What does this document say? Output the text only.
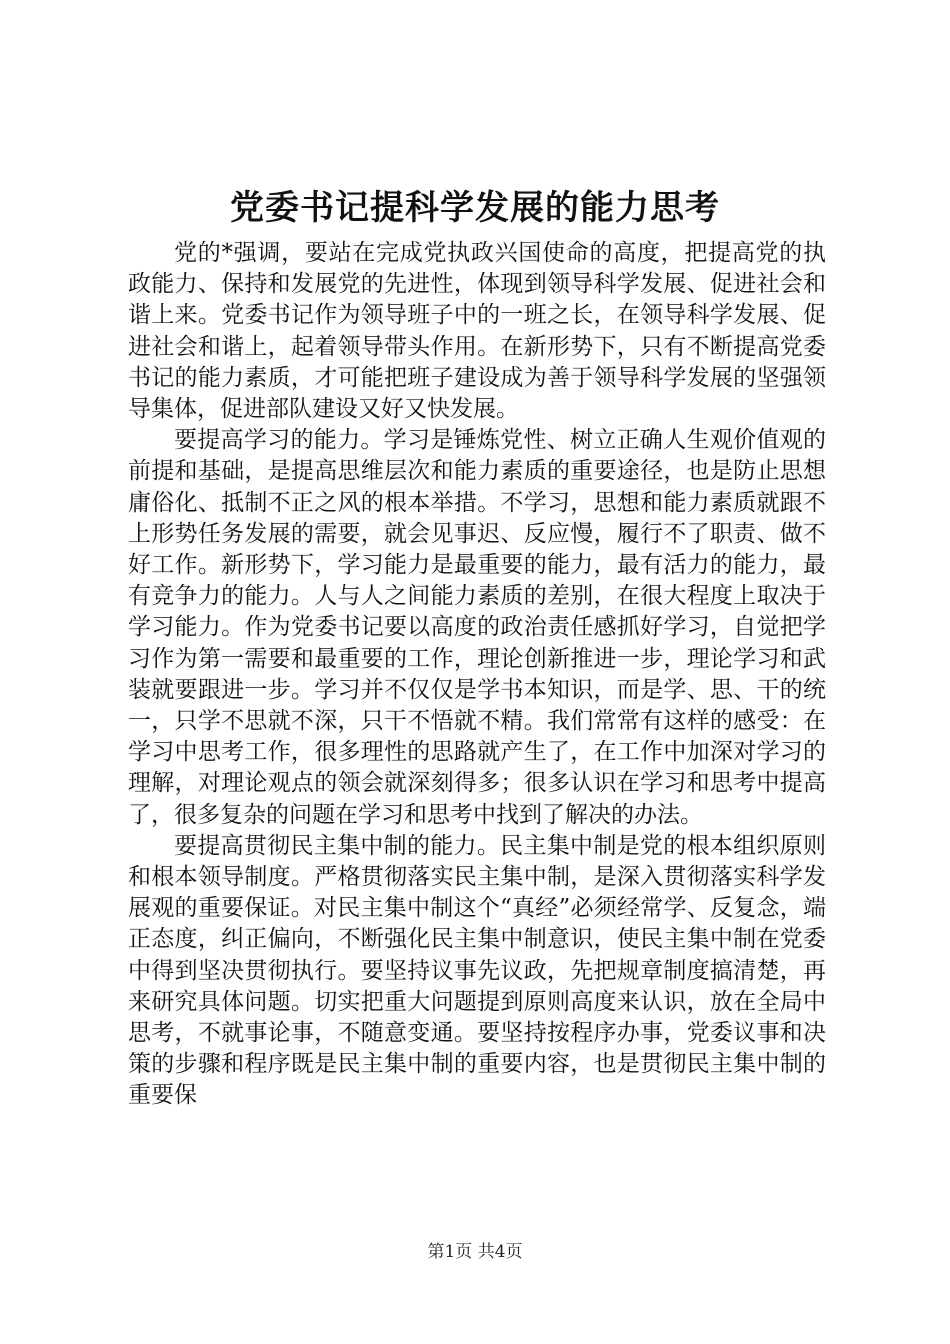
党委书记提科学发展的能力思考

党的*强调，要站在完成党执政兴国使命的高度，把提高党的执政能力、保持和发展党的先进性，体现到领导科学发展、促进社会和谐上来。党委书记作为领导班子中的一班之长，在领导科学发展、促进社会和谐上，起着领导带头作用。在新形势下，只有不断提高党委书记的能力素质，才可能把班子建设成为善于领导科学发展的坚强领导集体，促进部队建设又好又快发展。

要提高学习的能力。学习是锤炼党性、树立正确人生观价值观的前提和基础，是提高思维层次和能力素质的重要途径，也是防止思想庸俗化、抵制不正之风的根本举措。不学习，思想和能力素质就跟不上形势任务发展的需要，就会见事迟、反应慢，履行不了职责、做不好工作。新形势下，学习能力是最重要的能力，最有活力的能力，最有竞争力的能力。人与人之间能力素质的差别，在很大程度上取决于学习能力。作为党委书记要以高度的政治责任感抓好学习，自觉把学习作为第一需要和最重要的工作，理论创新推进一步，理论学习和武装就要跟进一步。学习并不仅仅是学书本知识，而是学、思、干的统一，只学不思就不深，只干不悟就不精。我们常常有这样的感受：在学习中思考工作，很多理性的思路就产生了，在工作中加深对学习的理解，对理论观点的领会就深刻得多；很多认识在学习和思考中提高了，很多复杂的问题在学习和思考中找到了解决的办法。

要提高贯彻民主集中制的能力。民主集中制是党的根本组织原则和根本领导制度。严格贯彻落实民主集中制，是深入贯彻落实科学发展观的重要保证。对民主集中制这个“真经”必须经常学、反复念，端正态度，纠正偏向，不断强化民主集中制意识，使民主集中制在党委中得到坚决贯彻执行。要坚持议事先议政，先把规章制度搞清楚，再来研究具体问题。切实把重大问题提到原则高度来认识，放在全局中思考，不就事论事，不随意变通。要坚持按程序办事，党委议事和决策的步骤和程序既是民主集中制的重要内容，也是贯彻民主集中制的重要保

第1页 共4页
